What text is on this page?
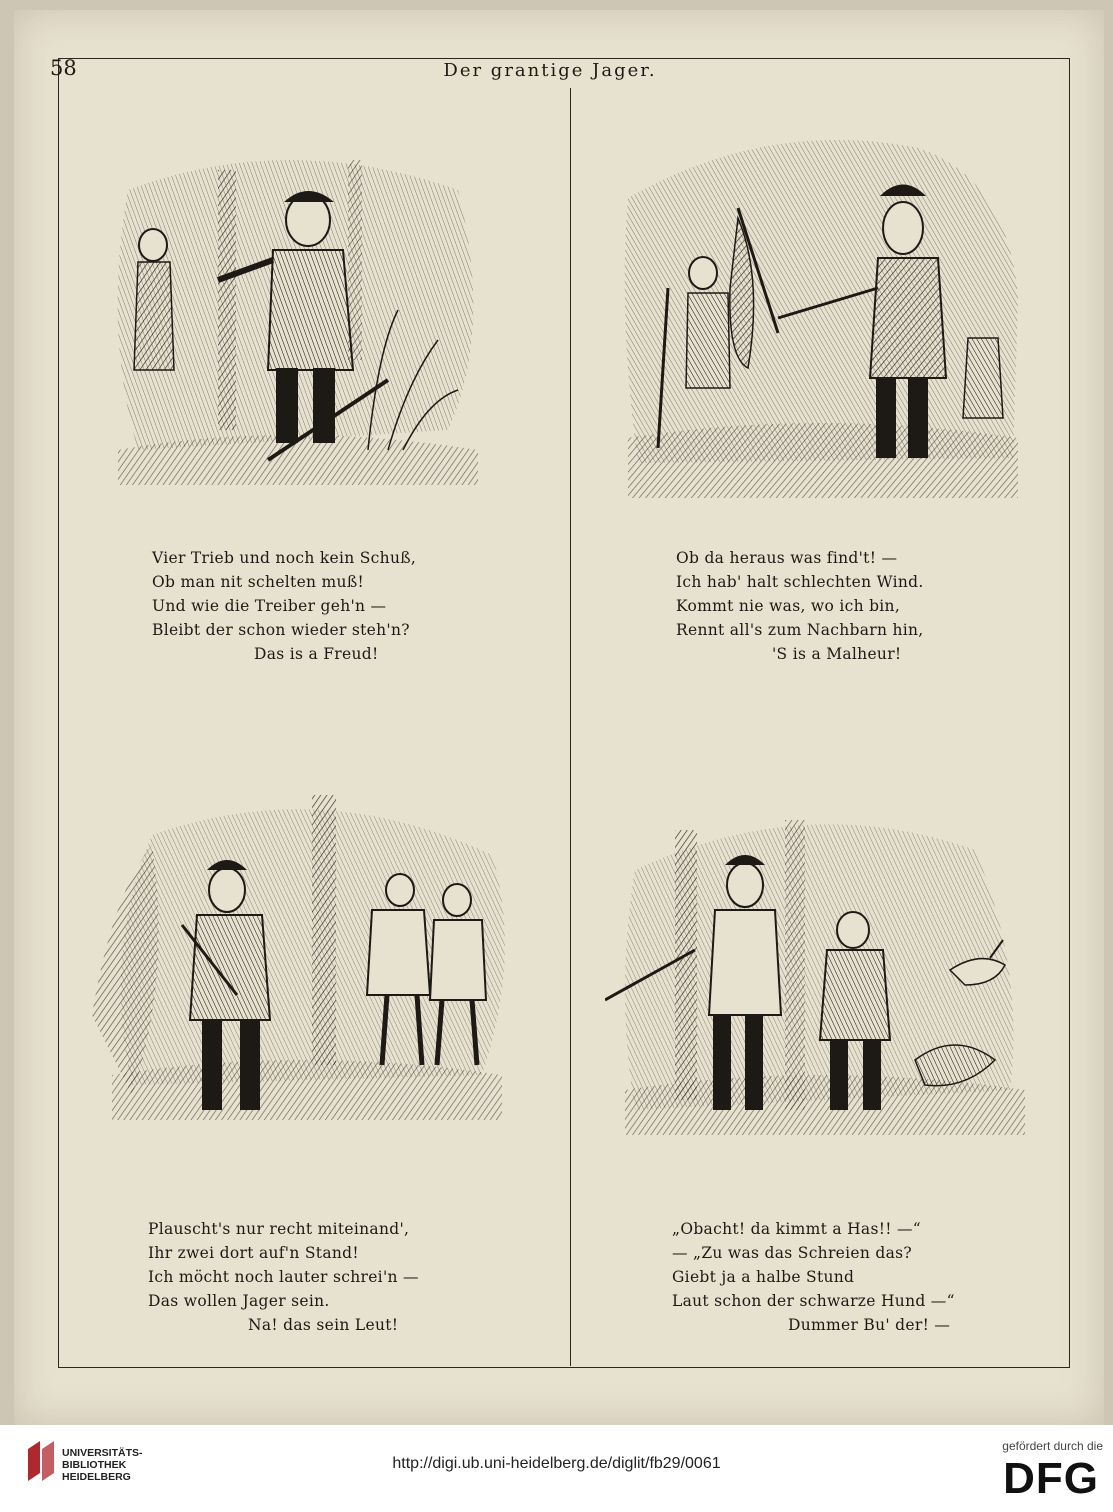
58	Der grantige Jager.
Vier Trieb und noch kein Schuß,
Ob man nit schelten muß!
Und wie die Treiber geh'n —
Bleibt der schon wieder steh'n?
Das is a Freud!
Ob da heraus was find't! —
Ich hab' halt schlechten Wind.
Kommt nie was, wo ich bin,
Rennt all's zum Nachbarn hin,
'S is a Malheur!
Plauscht's nur recht miteinand',
Ihr zwei dort auf'n Stand!
Ich möcht noch lauter schrei'n —
Das wollen Jager sein.
Na! das sein Leut!
„Obacht! da kimmt a Has!! —“
— „Zu was das Schreien das?
Giebt ja a halbe Stund
Laut schon der schwarze Hund —“
Dummer Bu' der! —
UNIVERSITÄTS-
BIBLIOTHEK
HEIDELBERG
http://digi.ub.uni-heidelberg.de/diglit/fb29/0061
gefördert durch die
DFG
